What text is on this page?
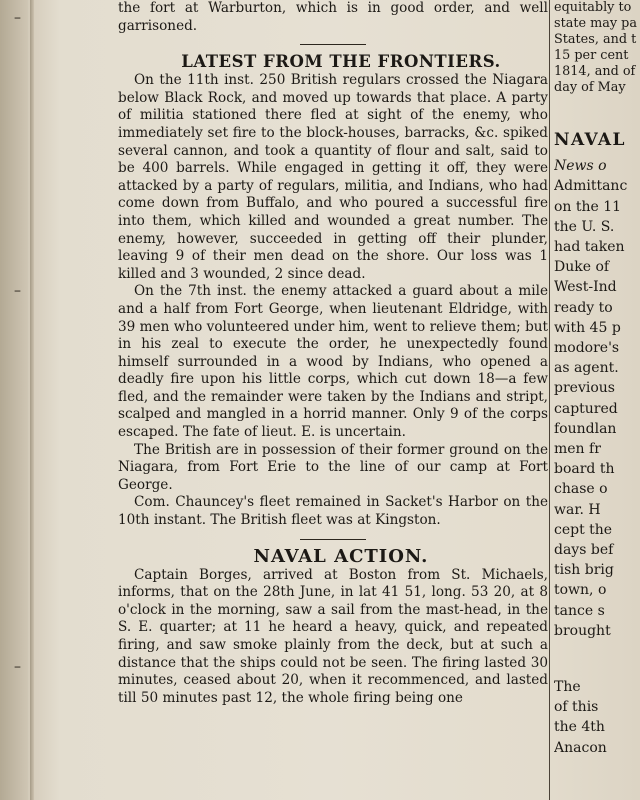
–
–
–

the fort at Warburton, which is in good order, and well garrisoned.

LATEST FROM THE FRONTIERS.

On the 11th inst. 250 British regulars crossed the Niagara below Black Rock, and moved up towards that place. A party of militia stationed there fled at sight of the enemy, who immediately set fire to the block-houses, barracks, &c. spiked several cannon, and took a quantity of flour and salt, said to be 400 barrels. While engaged in getting it off, they were attacked by a party of regulars, militia, and Indians, who had come down from Buffalo, and who poured a successful fire into them, which killed and wounded a great number. The enemy, however, succeeded in getting off their plunder, leaving 9 of their men dead on the shore. Our loss was 1 killed and 3 wounded, 2 since dead.

On the 7th inst. the enemy attacked a guard about a mile and a half from Fort George, when lieutenant Eldridge, with 39 men who volunteered under him, went to relieve them; but in his zeal to execute the order, he unexpectedly found himself surrounded in a wood by Indians, who opened a deadly fire upon his little corps, which cut down 18—a few fled, and the remainder were taken by the Indians and stript, scalped and mangled in a horrid manner. Only 9 of the corps escaped. The fate of lieut. E. is uncertain.

The British are in possession of their former ground on the Niagara, from Fort Erie to the line of our camp at Fort George.

Com. Chauncey's fleet remained in Sacket's Harbor on the 10th instant. The British fleet was at Kingston.

NAVAL ACTION.

Captain Borges, arrived at Boston from St. Michaels, informs, that on the 28th June, in lat 41 51, long. 53 20, at 8 o'clock in the morning, saw a sail from the mast-head, in the S. E. quarter; at 11 he heard a heavy, quick, and repeated firing, and saw smoke plainly from the deck, but at such a distance that the ships could not be seen. The firing lasted 30 minutes, ceased about 20, when it recommenced, and lasted till 50 minutes past 12, the whole firing being one

equitably to
state may pa
States, and t
15 per cent
1814, and of
day of May
NAVAL
News o
Admittanc
on the 11
the U. S.
had taken
Duke of
West-Ind
ready to
with 45 p
modore's
as agent.
previous
captured
foundlan
men fr
board th
chase o
war. H
cept the
days bef
tish brig
town, o
tance s
brought
The
of this
the 4th
Anacon
